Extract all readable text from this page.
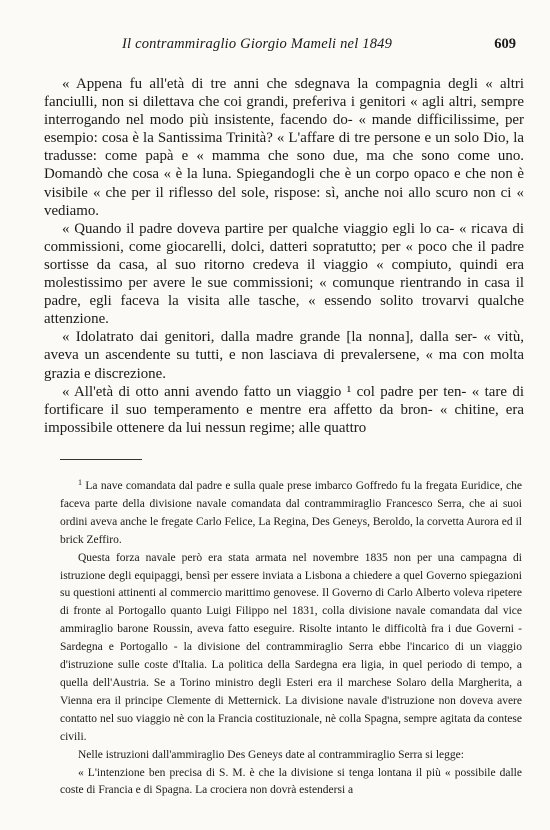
Il contrammiraglio Giorgio Mameli nel 1849	609

« Appena fu all'età di tre anni che sdegnava la compagnia degli « altri fanciulli, non si dilettava che coi grandi, preferiva i genitori « agli altri, sempre interrogando nel modo più insistente, facendo do- « mande difficilissime, per esempio: cosa è la Santissima Trinità? « L'affare di tre persone e un solo Dio, la tradusse: come papà e « mamma che sono due, ma che sono come uno. Domandò che cosa « è la luna. Spiegandogli che è un corpo opaco e che non è visibile « che per il riflesso del sole, rispose: sì, anche noi allo scuro non ci « vediamo.

« Quando il padre doveva partire per qualche viaggio egli lo ca- « ricava di commissioni, come giocarelli, dolci, datteri sopratutto; per « poco che il padre sortisse da casa, al suo ritorno credeva il viaggio « compiuto, quindi era molestissimo per avere le sue commissioni; « comunque rientrando in casa il padre, egli faceva la visita alle tasche, « essendo solito trovarvi qualche attenzione.

« Idolatrato dai genitori, dalla madre grande [la nonna], dalla ser- « vitù, aveva un ascendente su tutti, e non lasciava di prevalersene, « ma con molta grazia e discrezione.

« All'età di otto anni avendo fatto un viaggio ¹ col padre per ten- « tare di fortificare il suo temperamento e mentre era affetto da bron- « chitine, era impossibile ottenere da lui nessun regime; alle quattro

$^1$ La nave comandata dal padre e sulla quale prese imbarco Goffredo fu la fregata Euridice, che faceva parte della divisione navale comandata dal contrammiraglio Francesco Serra, che ai suoi ordini aveva anche le fregate Carlo Felice, La Regina, Des Geneys, Beroldo, la corvetta Aurora ed il brick Zeffiro.

Questa forza navale però era stata armata nel novembre 1835 non per una campagna di istruzione degli equipaggi, bensì per essere inviata a Lisbona a chiedere a quel Governo spiegazioni su questioni attinenti al commercio marittimo genovese. Il Governo di Carlo Alberto voleva ripetere di fronte al Portogallo quanto Luigi Filippo nel 1831, colla divisione navale comandata dal vice ammiraglio barone Roussin, aveva fatto eseguire. Risolte intanto le difficoltà fra i due Governi - Sardegna e Portogallo - la divisione del contrammiraglio Serra ebbe l'incarico di un viaggio d'istruzione sulle coste d'Italia. La politica della Sardegna era ligia, in quel periodo di tempo, a quella dell'Austria. Se a Torino ministro degli Esteri era il marchese Solaro della Margherita, a Vienna era il principe Clemente di Metternick. La divisione navale d'istruzione non doveva avere contatto nel suo viaggio nè con la Francia costituzionale, nè colla Spagna, sempre agitata da contese civili.

Nelle istruzioni dall'ammiraglio Des Geneys date al contrammiraglio Serra si legge:

« L'intenzione ben precisa di S. M. è che la divisione si tenga lontana il più « possibile dalle coste di Francia e di Spagna. La crociera non dovrà estendersi a
